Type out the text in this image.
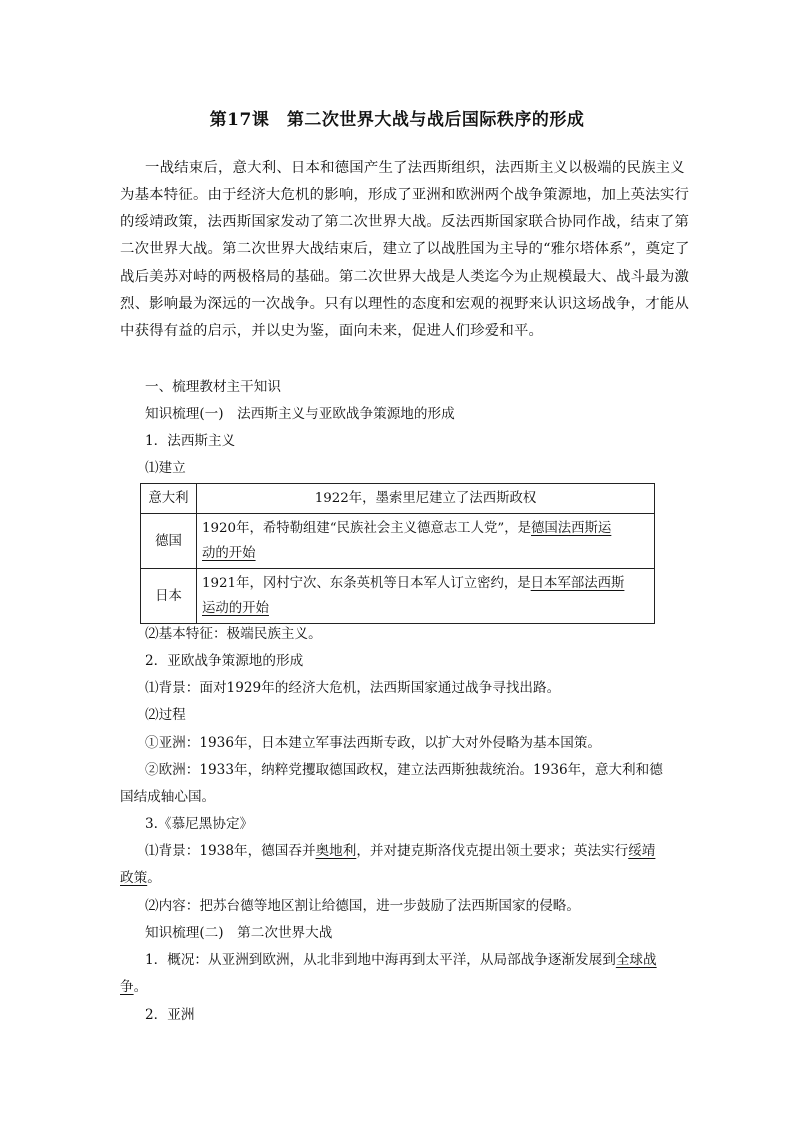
第17课　第二次世界大战与战后国际秩序的形成
一战结束后，意大利、日本和德国产生了法西斯组织，法西斯主义以极端的民族主义
为基本特征。由于经济大危机的影响，形成了亚洲和欧洲两个战争策源地，加上英法实行
的绥靖政策，法西斯国家发动了第二次世界大战。反法西斯国家联合协同作战，结束了第
二次世界大战。第二次世界大战结束后，建立了以战胜国为主导的“雅尔塔体系”，奠定了
战后美苏对峙的两极格局的基础。第二次世界大战是人类迄今为止规模最大、战斗最为激
烈、影响最为深远的一次战争。只有以理性的态度和宏观的视野来认识这场战争，才能从
中获得有益的启示，并以史为鉴，面向未来，促进人们珍爱和平。
一、梳理教材主干知识
知识梳理(一)　法西斯主义与亚欧战争策源地的形成
1．法西斯主义
⑴建立
意大利	1922年，墨索里尼建立了法西斯政权
德国	1920年，希特勒组建“民族社会主义德意志工人党”，是德国法西斯运
动的开始
日本	1921年，冈村宁次、东条英机等日本军人订立密约，是日本军部法西斯
运动的开始
⑵基本特征：极端民族主义。
2．亚欧战争策源地的形成
⑴背景：面对1929年的经济大危机，法西斯国家通过战争寻找出路。
⑵过程
①亚洲：1936年，日本建立军事法西斯专政，以扩大对外侵略为基本国策。
②欧洲：1933年，纳粹党攫取德国政权，建立法西斯独裁统治。1936年，意大利和德
国结成轴心国。
3.《慕尼黑协定》
⑴背景：1938年，德国吞并奥地利，并对捷克斯洛伐克提出领土要求；英法实行绥靖
政策。
⑵内容：把苏台德等地区割让给德国，进一步鼓励了法西斯国家的侵略。
知识梳理(二)　第二次世界大战
1．概况：从亚洲到欧洲，从北非到地中海再到太平洋，从局部战争逐渐发展到全球战
争。
2．亚洲
